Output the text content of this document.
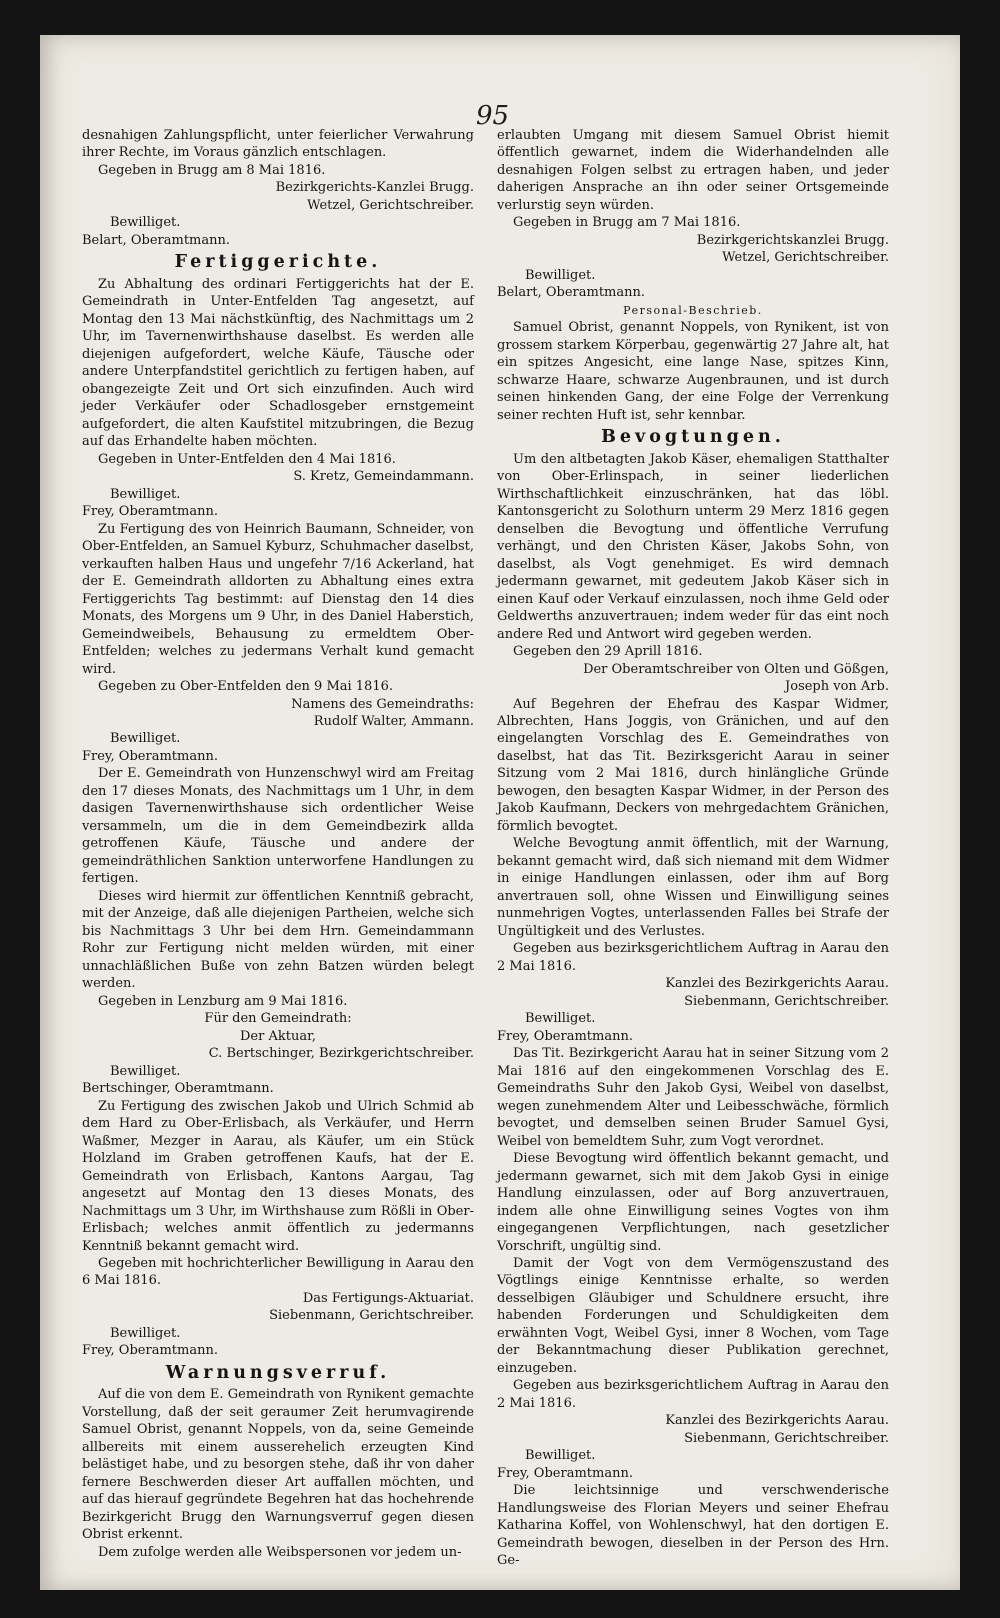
95

desnahigen Zahlungspflicht, unter feierlicher Verwahrung ihrer Rechte, im Voraus gänzlich entschlagen.

Gegeben in Brugg am 8 Mai 1816.

Bezirkgerichts-Kanzlei Brugg.

Wetzel, Gerichtschreiber.

Bewilliget.

Belart, Oberamtmann.

Fertiggerichte.

Zu Abhaltung des ordinari Fertiggerichts hat der E. Gemeindrath in Unter-Entfelden Tag angesetzt, auf Montag den 13 Mai nächstkünftig, des Nachmittags um 2 Uhr, im Tavernenwirthshause daselbst. Es werden alle diejenigen aufgefordert, welche Käufe, Täusche oder andere Unterpfandstitel gerichtlich zu fertigen haben, auf obangezeigte Zeit und Ort sich einzufinden. Auch wird jeder Verkäufer oder Schadlosgeber ernstgemeint aufgefordert, die alten Kaufstitel mitzubringen, die Bezug auf das Erhandelte haben möchten.

Gegeben in Unter-Entfelden den 4 Mai 1816.

S. Kretz, Gemeindammann.

Bewilliget.

Frey, Oberamtmann.

Zu Fertigung des von Heinrich Baumann, Schneider, von Ober-Entfelden, an Samuel Kyburz, Schuhmacher daselbst, verkauften halben Haus und ungefehr 7/16 Ackerland, hat der E. Gemeindrath alldorten zu Abhaltung eines extra Fertiggerichts Tag bestimmt: auf Dienstag den 14 dies Monats, des Morgens um 9 Uhr, in des Daniel Haberstich, Gemeindweibels, Behausung zu ermeldtem Ober-Entfelden; welches zu jedermans Verhalt kund gemacht wird.

Gegeben zu Ober-Entfelden den 9 Mai 1816.

Namens des Gemeindraths:

Rudolf Walter, Ammann.

Bewilliget.

Frey, Oberamtmann.

Der E. Gemeindrath von Hunzenschwyl wird am Freitag den 17 dieses Monats, des Nachmittags um 1 Uhr, in dem dasigen Tavernenwirthshause sich ordentlicher Weise versammeln, um die in dem Gemeindbezirk allda getroffenen Käufe, Täusche und andere der gemeindräthlichen Sanktion unterworfene Handlungen zu fertigen.

Dieses wird hiermit zur öffentlichen Kenntniß gebracht, mit der Anzeige, daß alle diejenigen Partheien, welche sich bis Nachmittags 3 Uhr bei dem Hrn. Gemeindammann Rohr zur Fertigung nicht melden würden, mit einer unnachläßlichen Buße von zehn Batzen würden belegt werden.

Gegeben in Lenzburg am 9 Mai 1816.

Für den Gemeindrath:

Der Aktuar,

C. Bertschinger, Bezirkgerichtschreiber.

Bewilliget.

Bertschinger, Oberamtmann.

Zu Fertigung des zwischen Jakob und Ulrich Schmid ab dem Hard zu Ober-Erlisbach, als Verkäufer, und Herrn Waßmer, Mezger in Aarau, als Käufer, um ein Stück Holzland im Graben getroffenen Kaufs, hat der E. Gemeindrath von Erlisbach, Kantons Aargau, Tag angesetzt auf Montag den 13 dieses Monats, des Nachmittags um 3 Uhr, im Wirthshause zum Rößli in Ober-Erlisbach; welches anmit öffentlich zu jedermanns Kenntniß bekannt gemacht wird.

Gegeben mit hochrichterlicher Bewilligung in Aarau den 6 Mai 1816.

Das Fertigungs-Aktuariat.

Siebenmann, Gerichtschreiber.

Bewilliget.

Frey, Oberamtmann.

Warnungsverruf.

Auf die von dem E. Gemeindrath von Rynikent gemachte Vorstellung, daß der seit geraumer Zeit herumvagirende Samuel Obrist, genannt Noppels, von da, seine Gemeinde allbereits mit einem ausserehelich erzeugten Kind belästiget habe, und zu besorgen stehe, daß ihr von daher fernere Beschwerden dieser Art auffallen möchten, und auf das hierauf gegründete Begehren hat das hochehrende Bezirkgericht Brugg den Warnungsverruf gegen diesen Obrist erkennt.

Dem zufolge werden alle Weibspersonen vor jedem un-

erlaubten Umgang mit diesem Samuel Obrist hiemit öffentlich gewarnet, indem die Widerhandelnden alle desnahigen Folgen selbst zu ertragen haben, und jeder daherigen Ansprache an ihn oder seiner Ortsgemeinde verlurstig seyn würden.

Gegeben in Brugg am 7 Mai 1816.

Bezirkgerichtskanzlei Brugg.

Wetzel, Gerichtschreiber.

Bewilliget.

Belart, Oberamtmann.

Personal-Beschrieb.

Samuel Obrist, genannt Noppels, von Rynikent, ist von grossem starkem Körperbau, gegenwärtig 27 Jahre alt, hat ein spitzes Angesicht, eine lange Nase, spitzes Kinn, schwarze Haare, schwarze Augenbraunen, und ist durch seinen hinkenden Gang, der eine Folge der Verrenkung seiner rechten Huft ist, sehr kennbar.

Bevogtungen.

Um den altbetagten Jakob Käser, ehemaligen Statthalter von Ober-Erlinspach, in seiner liederlichen Wirthschaftlichkeit einzuschränken, hat das löbl. Kantonsgericht zu Solothurn unterm 29 Merz 1816 gegen denselben die Bevogtung und öffentliche Verrufung verhängt, und den Christen Käser, Jakobs Sohn, von daselbst, als Vogt genehmiget. Es wird demnach jedermann gewarnet, mit gedeutem Jakob Käser sich in einen Kauf oder Verkauf einzulassen, noch ihme Geld oder Geldwerths anzuvertrauen; indem weder für das eint noch andere Red und Antwort wird gegeben werden.

Gegeben den 29 Aprill 1816.

Der Oberamtschreiber von Olten und Gößgen,

Joseph von Arb.

Auf Begehren der Ehefrau des Kaspar Widmer, Albrechten, Hans Joggis, von Gränichen, und auf den eingelangten Vorschlag des E. Gemeindrathes von daselbst, hat das Tit. Bezirksgericht Aarau in seiner Sitzung vom 2 Mai 1816, durch hinlängliche Gründe bewogen, den besagten Kaspar Widmer, in der Person des Jakob Kaufmann, Deckers von mehrgedachtem Gränichen, förmlich bevogtet.

Welche Bevogtung anmit öffentlich, mit der Warnung, bekannt gemacht wird, daß sich niemand mit dem Widmer in einige Handlungen einlassen, oder ihm auf Borg anvertrauen soll, ohne Wissen und Einwilligung seines nunmehrigen Vogtes, unterlassenden Falles bei Strafe der Ungültigkeit und des Verlustes.

Gegeben aus bezirksgerichtlichem Auftrag in Aarau den 2 Mai 1816.

Kanzlei des Bezirkgerichts Aarau.

Siebenmann, Gerichtschreiber.

Bewilliget.

Frey, Oberamtmann.

Das Tit. Bezirkgericht Aarau hat in seiner Sitzung vom 2 Mai 1816 auf den eingekommenen Vorschlag des E. Gemeindraths Suhr den Jakob Gysi, Weibel von daselbst, wegen zunehmendem Alter und Leibesschwäche, förmlich bevogtet, und demselben seinen Bruder Samuel Gysi, Weibel von bemeldtem Suhr, zum Vogt verordnet.

Diese Bevogtung wird öffentlich bekannt gemacht, und jedermann gewarnet, sich mit dem Jakob Gysi in einige Handlung einzulassen, oder auf Borg anzuvertrauen, indem alle ohne Einwilligung seines Vogtes von ihm eingegangenen Verpflichtungen, nach gesetzlicher Vorschrift, ungültig sind.

Damit der Vogt von dem Vermögenszustand des Vögtlings einige Kenntnisse erhalte, so werden desselbigen Gläubiger und Schuldnere ersucht, ihre habenden Forderungen und Schuldigkeiten dem erwähnten Vogt, Weibel Gysi, inner 8 Wochen, vom Tage der Bekanntmachung dieser Publikation gerechnet, einzugeben.

Gegeben aus bezirksgerichtlichem Auftrag in Aarau den 2 Mai 1816.

Kanzlei des Bezirkgerichts Aarau.

Siebenmann, Gerichtschreiber.

Bewilliget.

Frey, Oberamtmann.

Die leichtsinnige und verschwenderische Handlungsweise des Florian Meyers und seiner Ehefrau Katharina Koffel, von Wohlenschwyl, hat den dortigen E. Gemeindrath bewogen, dieselben in der Person des Hrn. Ge-
